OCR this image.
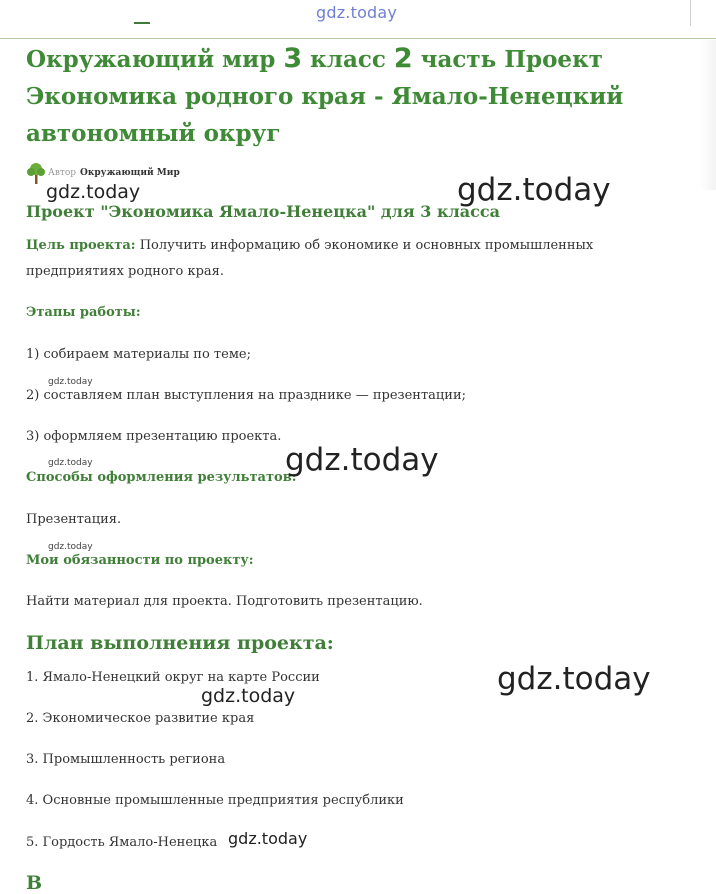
gdz.today
Окружающий мир 3 класс 2 часть Проект Экономика родного края - Ямало-Ненецкий автономный округ
Автор Окружающий Мир
Проект "Экономика Ямало-Ненецка" для 3 класса

Цель проекта: Получить информацию об экономике и основных промышленных
предприятиях родного края.

Этапы работы:

1) собираем материалы по теме;

2) составляем план выступления на празднике — презентации;

3) оформляем презентацию проекта.

Способы оформления результатов:

Презентация.

Мои обязанности по проекту:

Найти материал для проекта. Подготовить презентацию.

План выполнения проекта:

1. Ямало-Ненецкий округ на карте России

2. Экономическое развитие края

3. Промышленность региона

4. Основные промышленные предприятия республики

5. Гордость Ямало-Ненецка

В
gdz.today	gdz.today
gdz.today
gdz.today	gdz.today
gdz.today
gdz.today
gdz.today
gdz.today
